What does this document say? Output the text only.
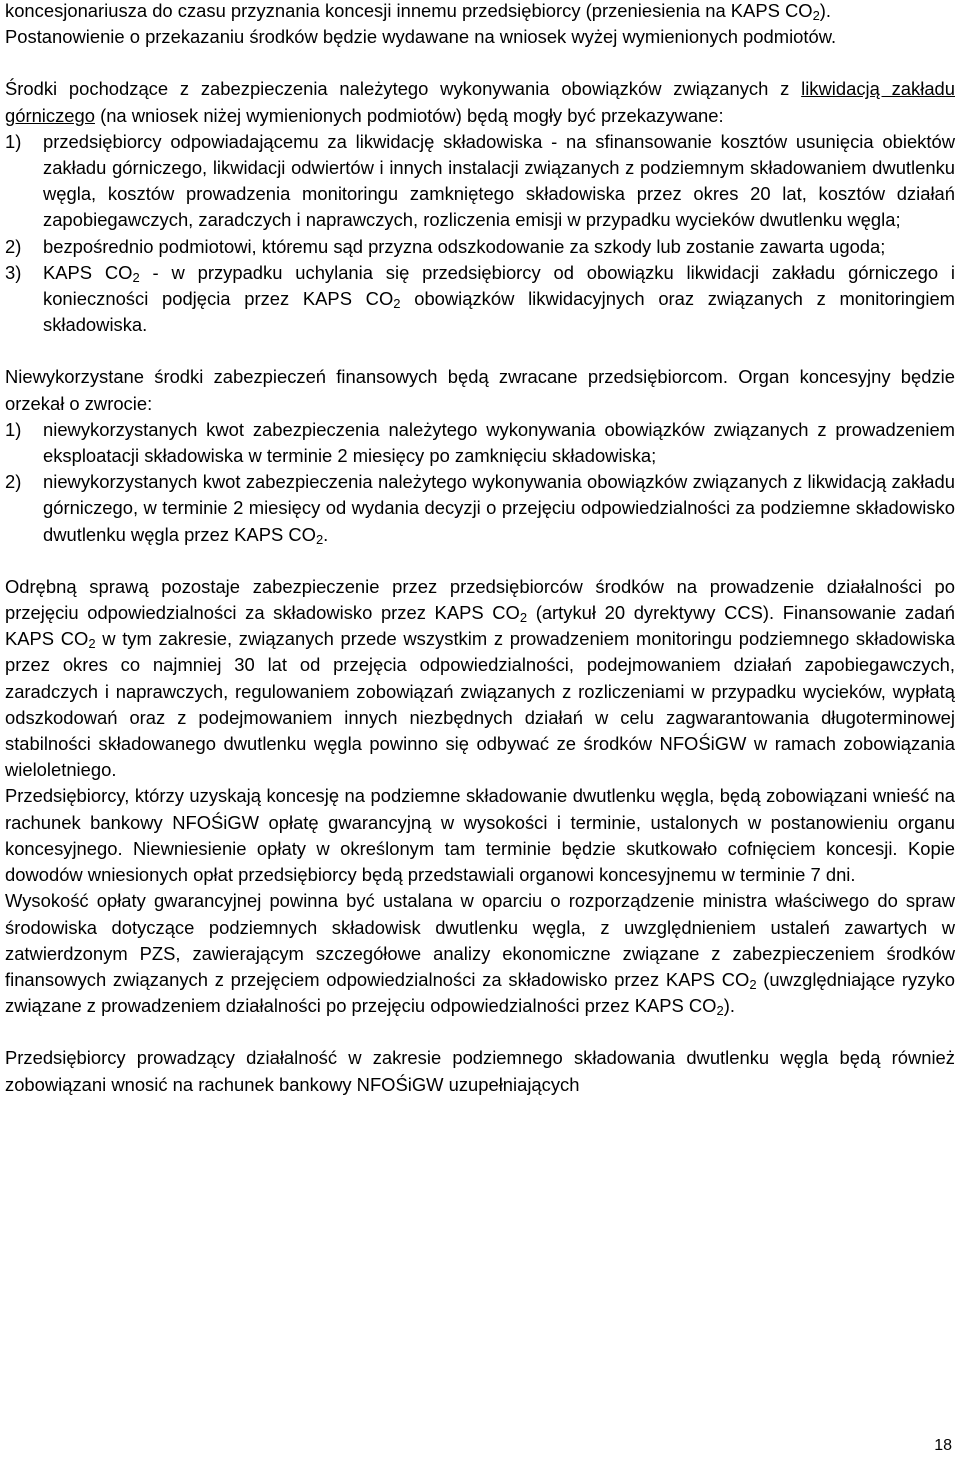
koncesjonariusza do czasu przyznania koncesji innemu przedsiębiorcy (przeniesienia na KAPS $CO_2$).

Postanowienie o przekazaniu środków będzie wydawane na wniosek wyżej wymienionych podmiotów.

Środki pochodzące z zabezpieczenia należytego wykonywania obowiązków związanych z likwidacją zakładu górniczego (na wniosek niżej wymienionych podmiotów) będą mogły być przekazywane:

1)	przedsiębiorcy odpowiadającemu za likwidację składowiska - na sfinansowanie kosztów usunięcia obiektów zakładu górniczego, likwidacji odwiertów i innych instalacji związanych z podziemnym składowaniem dwutlenku węgla, kosztów prowadzenia monitoringu zamkniętego składowiska przez okres 20 lat, kosztów działań zapobiegawczych, zaradczych i naprawczych, rozliczenia emisji w przypadku wycieków dwutlenku węgla;
2)	bezpośrednio podmiotowi, któremu sąd przyzna odszkodowanie za szkody lub zostanie zawarta ugoda;
3)	KAPS $CO_2$ - w przypadku uchylania się przedsiębiorcy od obowiązku likwidacji zakładu górniczego i konieczności podjęcia przez KAPS $CO_2$ obowiązków likwidacyjnych oraz związanych z monitoringiem składowiska.

Niewykorzystane środki zabezpieczeń finansowych będą zwracane przedsiębiorcom. Organ koncesyjny będzie orzekał o zwrocie:

1)	niewykorzystanych kwot zabezpieczenia należytego wykonywania obowiązków związanych z prowadzeniem eksploatacji składowiska w terminie 2 miesięcy po zamknięciu składowiska;
2)	niewykorzystanych kwot zabezpieczenia należytego wykonywania obowiązków związanych z likwidacją zakładu górniczego, w terminie 2 miesięcy od wydania decyzji o przejęciu odpowiedzialności za podziemne składowisko dwutlenku węgla przez KAPS $CO_2$.

Odrębną sprawą pozostaje zabezpieczenie przez przedsiębiorców środków na prowadzenie działalności po przejęciu odpowiedzialności za składowisko przez KAPS $CO_2$ (artykuł 20 dyrektywy CCS). Finansowanie zadań KAPS $CO_2$ w tym zakresie, związanych przede wszystkim z prowadzeniem monitoringu podziemnego składowiska przez okres co najmniej 30 lat od przejęcia odpowiedzialności, podejmowaniem działań zapobiegawczych, zaradczych i naprawczych, regulowaniem zobowiązań związanych z rozliczeniami w przypadku wycieków, wypłatą odszkodowań oraz z podejmowaniem innych niezbędnych działań w celu zagwarantowania długoterminowej stabilności składowanego dwutlenku węgla powinno się odbywać ze środków NFOŚiGW w ramach zobowiązania wieloletniego.

Przedsiębiorcy, którzy uzyskają koncesję na podziemne składowanie dwutlenku węgla, będą zobowiązani wnieść na rachunek bankowy NFOŚiGW opłatę gwarancyjną w wysokości i terminie, ustalonych w postanowieniu organu koncesyjnego. Niewniesienie opłaty w określonym tam terminie będzie skutkowało cofnięciem koncesji. Kopie dowodów wniesionych opłat przedsiębiorcy będą przedstawiali organowi koncesyjnemu w terminie 7 dni.

Wysokość opłaty gwarancyjnej powinna być ustalana w oparciu o rozporządzenie ministra właściwego do spraw środowiska dotyczące podziemnych składowisk dwutlenku węgla, z uwzględnieniem ustaleń zawartych w zatwierdzonym PZS, zawierającym szczegółowe analizy ekonomiczne związane z zabezpieczeniem środków finansowych związanych z przejęciem odpowiedzialności za składowisko przez KAPS $CO_2$ (uwzględniające ryzyko związane z prowadzeniem działalności po przejęciu odpowiedzialności przez KAPS $CO_2$).

Przedsiębiorcy prowadzący działalność w zakresie podziemnego składowania dwutlenku węgla będą również zobowiązani wnosić na rachunek bankowy NFOŚiGW uzupełniających

18
